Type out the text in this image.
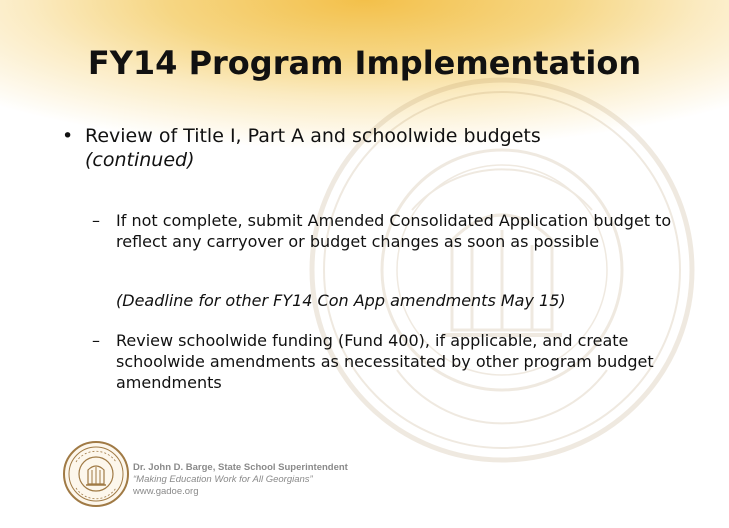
FY14 Program Implementation
• Review of Title I, Part A and schoolwide budgets
(continued)
– If not complete, submit Amended Consolidated Application budget to reflect any carryover or budget changes as soon as possible
(Deadline for other FY14 Con App amendments May 15)
– Review schoolwide funding (Fund 400), if applicable, and create schoolwide amendments as necessitated by other program budget amendments
Dr. John D. Barge, State School Superintendent
“Making Education Work for All Georgians”
www.gadoe.org
